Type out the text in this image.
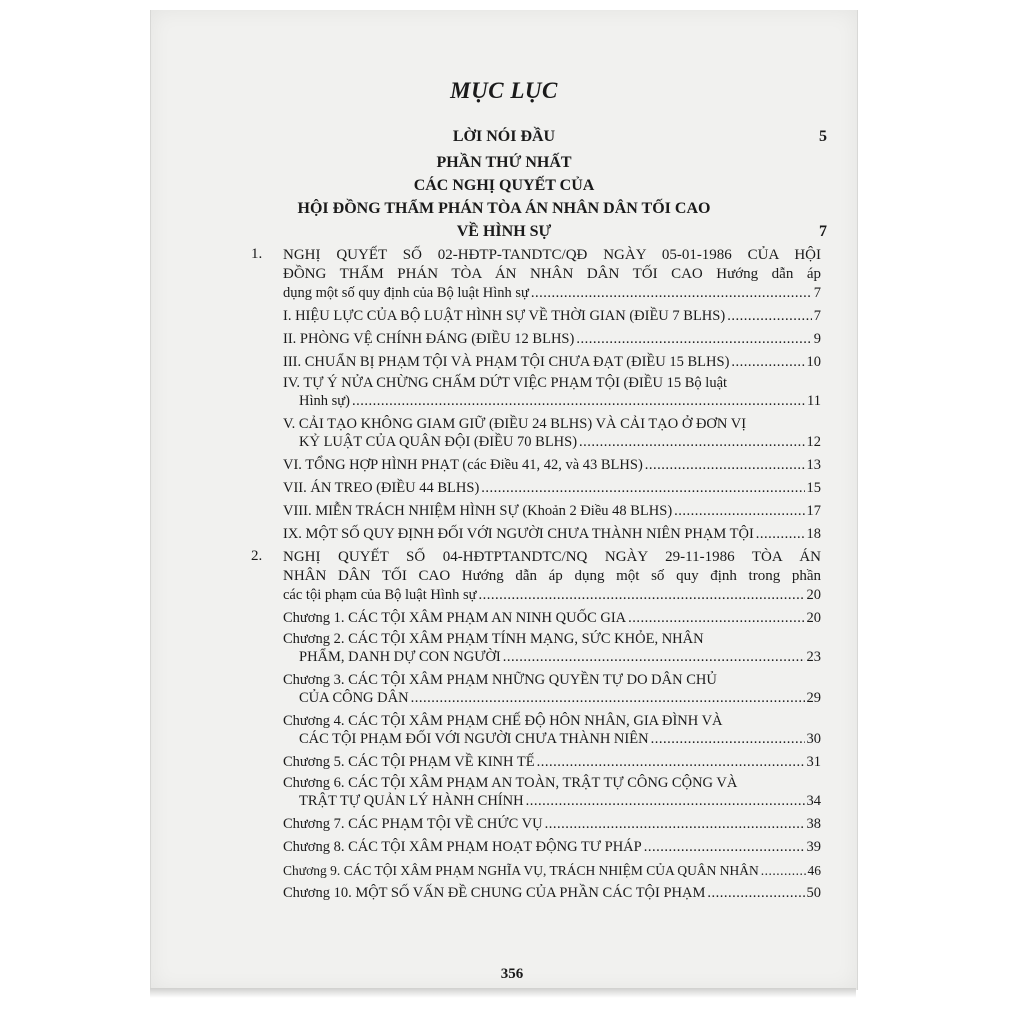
MỤC LỤC
LỜI NÓI ĐẦU	5
PHẦN THỨ NHẤT
CÁC NGHỊ QUYẾT CỦA
HỘI ĐỒNG THẨM PHÁN TÒA ÁN NHÂN DÂN TỐI CAO
VỀ HÌNH SỰ	7
1. NGHỊ QUYẾT SỐ 02-HĐTP-TANDTC/QĐ NGÀY 05-01-1986 CỦA HỘI
ĐỒNG THẨM PHÁN TÒA ÁN NHÂN DÂN TỐI CAO Hướng dẫn áp
dụng một số quy định của Bộ luật Hình sự .....	7
I. HIỆU LỰC CỦA BỘ LUẬT HÌNH SỰ VỀ THỜI GIAN (ĐIỀU 7 BLHS) .....	7
II. PHÒNG VỆ CHÍNH ĐÁNG (ĐIỀU 12 BLHS) .....	9
III. CHUẨN BỊ PHẠM TỘI VÀ PHẠM TỘI CHƯA ĐẠT (ĐIỀU 15 BLHS) .....	10
IV. TỰ Ý NỬA CHỪNG CHẤM DỨT VIỆC PHẠM TỘI (ĐIỀU 15 Bộ luật
Hình sự) .....	11
V. CẢI TẠO KHÔNG GIAM GIỮ (ĐIỀU 24 BLHS) VÀ CẢI TẠO Ở ĐƠN VỊ
KỶ LUẬT CỦA QUÂN ĐỘI (ĐIỀU 70 BLHS) .....	12
VI. TỔNG HỢP HÌNH PHẠT (các Điều 41, 42, và 43 BLHS) .....	13
VII. ÁN TREO (ĐIỀU 44 BLHS) .....	15
VIII. MIỄN TRÁCH NHIỆM HÌNH SỰ (Khoản 2 Điều 48 BLHS) .....	17
IX. MỘT SỐ QUY ĐỊNH ĐỐI VỚI NGƯỜI CHƯA THÀNH NIÊN PHẠM TỘI .....	18
2. NGHỊ QUYẾT SỐ 04-HĐTPTANDTC/NQ NGÀY 29-11-1986 TÒA ÁN
NHÂN DÂN TỐI CAO Hướng dẫn áp dụng một số quy định trong phần
các tội phạm của Bộ luật Hình sự .....	20
Chương 1. CÁC TỘI XÂM PHẠM AN NINH QUỐC GIA .....	20
Chương 2. CÁC TỘI XÂM PHẠM TÍNH MẠNG, SỨC KHỎE, NHÂN
PHẨM, DANH DỰ CON NGƯỜI .....	23
Chương 3. CÁC TỘI XÂM PHẠM NHỮNG QUYỀN TỰ DO DÂN CHỦ
CỦA CÔNG DÂN .....	29
Chương 4. CÁC TỘI XÂM PHẠM CHẾ ĐỘ HÔN NHÂN, GIA ĐÌNH VÀ
CÁC TỘI PHẠM ĐỐI VỚI NGƯỜI CHƯA THÀNH NIÊN .....	30
Chương 5. CÁC TỘI PHẠM VỀ KINH TẾ .....	31
Chương 6. CÁC TỘI XÂM PHẠM AN TOÀN, TRẬT TỰ CÔNG CỘNG VÀ
TRẬT TỰ QUẢN LÝ HÀNH CHÍNH .....	34
Chương 7. CÁC PHẠM TỘI VỀ CHỨC VỤ .....	38
Chương 8. CÁC TỘI XÂM PHẠM HOẠT ĐỘNG TƯ PHÁP .....	39
Chương 9. CÁC TỘI XÂM PHẠM NGHĨA VỤ, TRÁCH NHIỆM CỦA QUÂN NHÂN .....	46
Chương 10. MỘT SỐ VẤN ĐỀ CHUNG CỦA PHẦN CÁC TỘI PHẠM .....	50
356
